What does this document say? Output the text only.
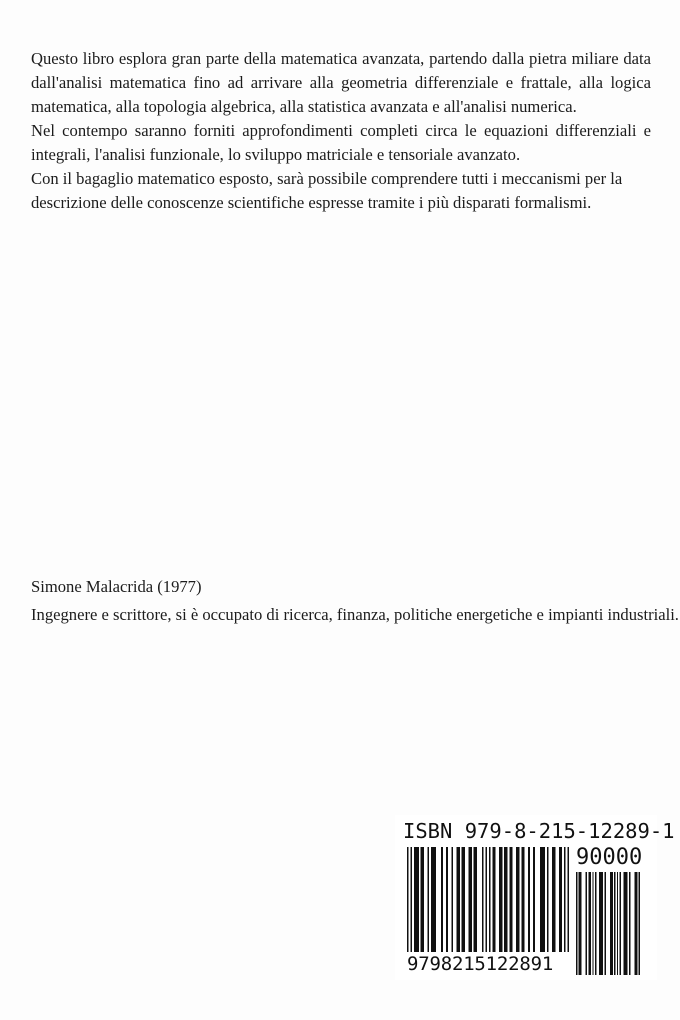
Questo libro esplora gran parte della matematica avanzata, partendo dalla pietra miliare data dall'analisi matematica fino ad arrivare alla geometria differenziale e frattale, alla logica matematica, alla topologia algebrica, alla statistica avanzata e all'analisi numerica.

Nel contempo saranno forniti approfondimenti completi circa le equazioni differenziali e integrali, l'analisi funzionale, lo sviluppo matriciale e tensoriale avanzato.

Con il bagaglio matematico esposto, sarà possibile comprendere tutti i meccanismi per la descrizione delle conoscenze scientifiche espresse tramite i più disparati formalismi.

Simone Malacrida (1977)
Ingegnere e scrittore, si è occupato di ricerca, finanza, politiche energetiche e impianti industriali.
ISBN 979-8-215-12289-1
9798215122891
90000
